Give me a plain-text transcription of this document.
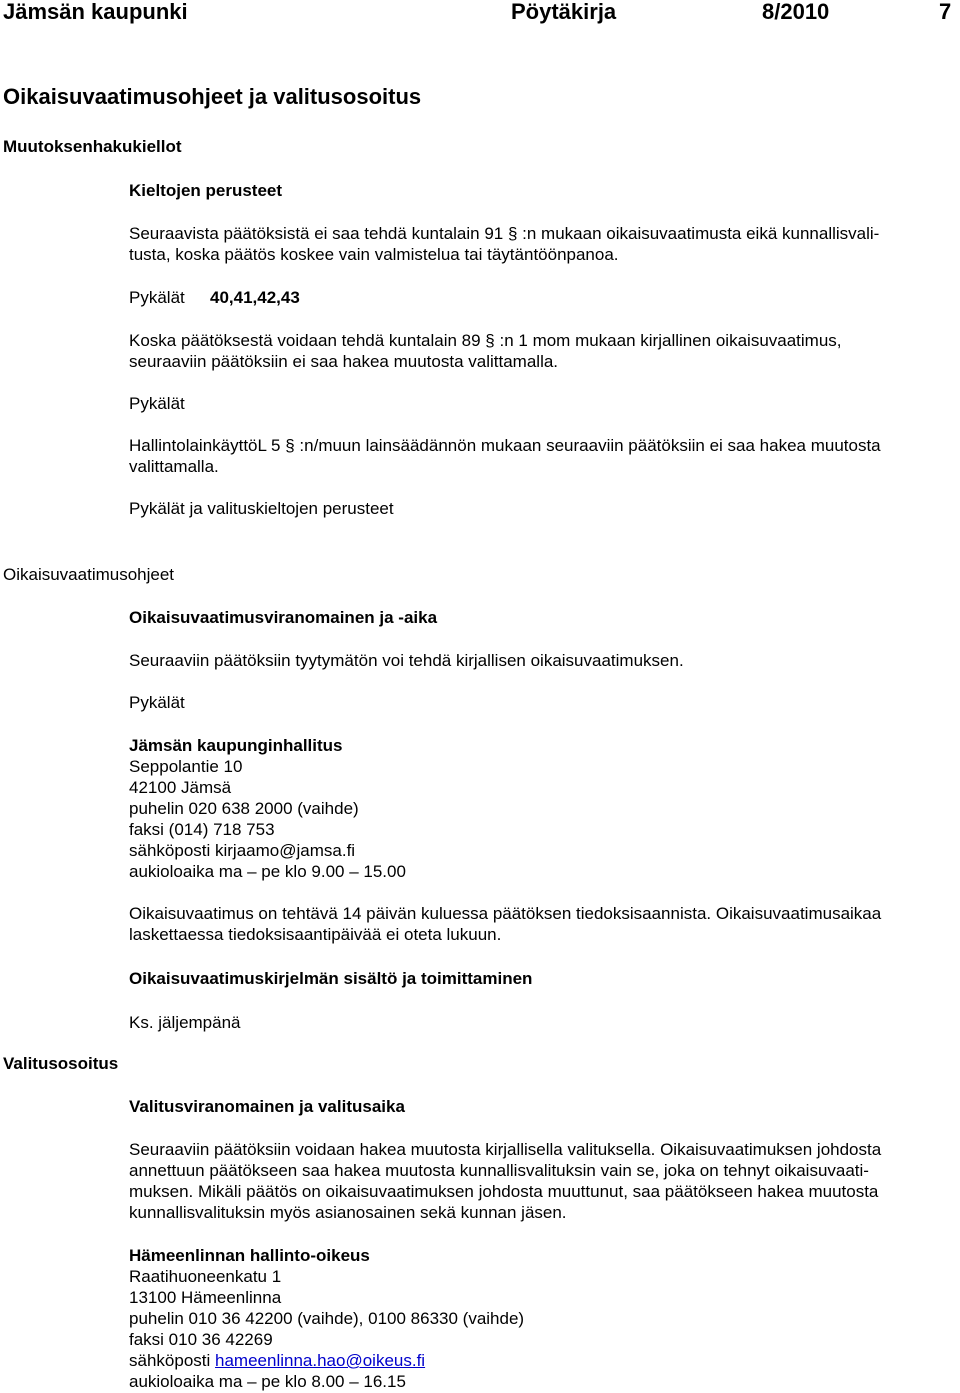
Jämsän kaupunki	Pöytäkirja	8/2010	7
Oikaisuvaatimusohjeet ja valitusosoitus
Muutoksenhakukiellot
Kieltojen perusteet
Seuraavista päätöksistä ei saa tehdä kuntalain 91 § :n mukaan oikaisuvaatimusta eikä kunnallisvali-
tusta, koska päätös koskee vain valmistelua tai täytäntöönpanoa.
Pykälät 40,41,42,43
Koska päätöksestä voidaan tehdä kuntalain 89 § :n 1 mom mukaan kirjallinen oikaisuvaatimus,
seuraaviin päätöksiin ei saa hakea muutosta valittamalla.
Pykälät
HallintolainkäyttöL 5 § :n/muun lainsäädännön mukaan seuraaviin päätöksiin ei saa hakea muutosta
valittamalla.
Pykälät ja valituskieltojen perusteet
Oikaisuvaatimusohjeet
Oikaisuvaatimusviranomainen ja -aika
Seuraaviin päätöksiin tyytymätön voi tehdä kirjallisen oikaisuvaatimuksen.
Pykälät
Jämsän kaupunginhallitus
Seppolantie 10
42100 Jämsä
puhelin 020 638 2000 (vaihde)
faksi (014) 718 753
sähköposti kirjaamo@jamsa.fi
aukioloaika ma – pe klo 9.00 – 15.00
Oikaisuvaatimus on tehtävä 14 päivän kuluessa päätöksen tiedoksisaannista. Oikaisuvaatimusaikaa
laskettaessa tiedoksisaantipäivää ei oteta lukuun.
Oikaisuvaatimuskirjelmän sisältö ja toimittaminen
Ks. jäljempänä
Valitusosoitus
Valitusviranomainen ja valitusaika
Seuraaviin päätöksiin voidaan hakea muutosta kirjallisella valituksella. Oikaisuvaatimuksen johdosta
annettuun päätökseen saa hakea muutosta kunnallisvalituksin vain se, joka on tehnyt oikaisuvaati-
muksen. Mikäli päätös on oikaisuvaatimuksen johdosta muuttunut, saa päätökseen hakea muutosta
kunnallisvalituksin myös asianosainen sekä kunnan jäsen.
Hämeenlinnan hallinto-oikeus
Raatihuoneenkatu 1
13100 Hämeenlinna
puhelin 010 36 42200 (vaihde), 0100 86330 (vaihde)
faksi 010 36 42269
sähköposti hameenlinna.hao@oikeus.fi
aukioloaika ma – pe klo 8.00 – 16.15
